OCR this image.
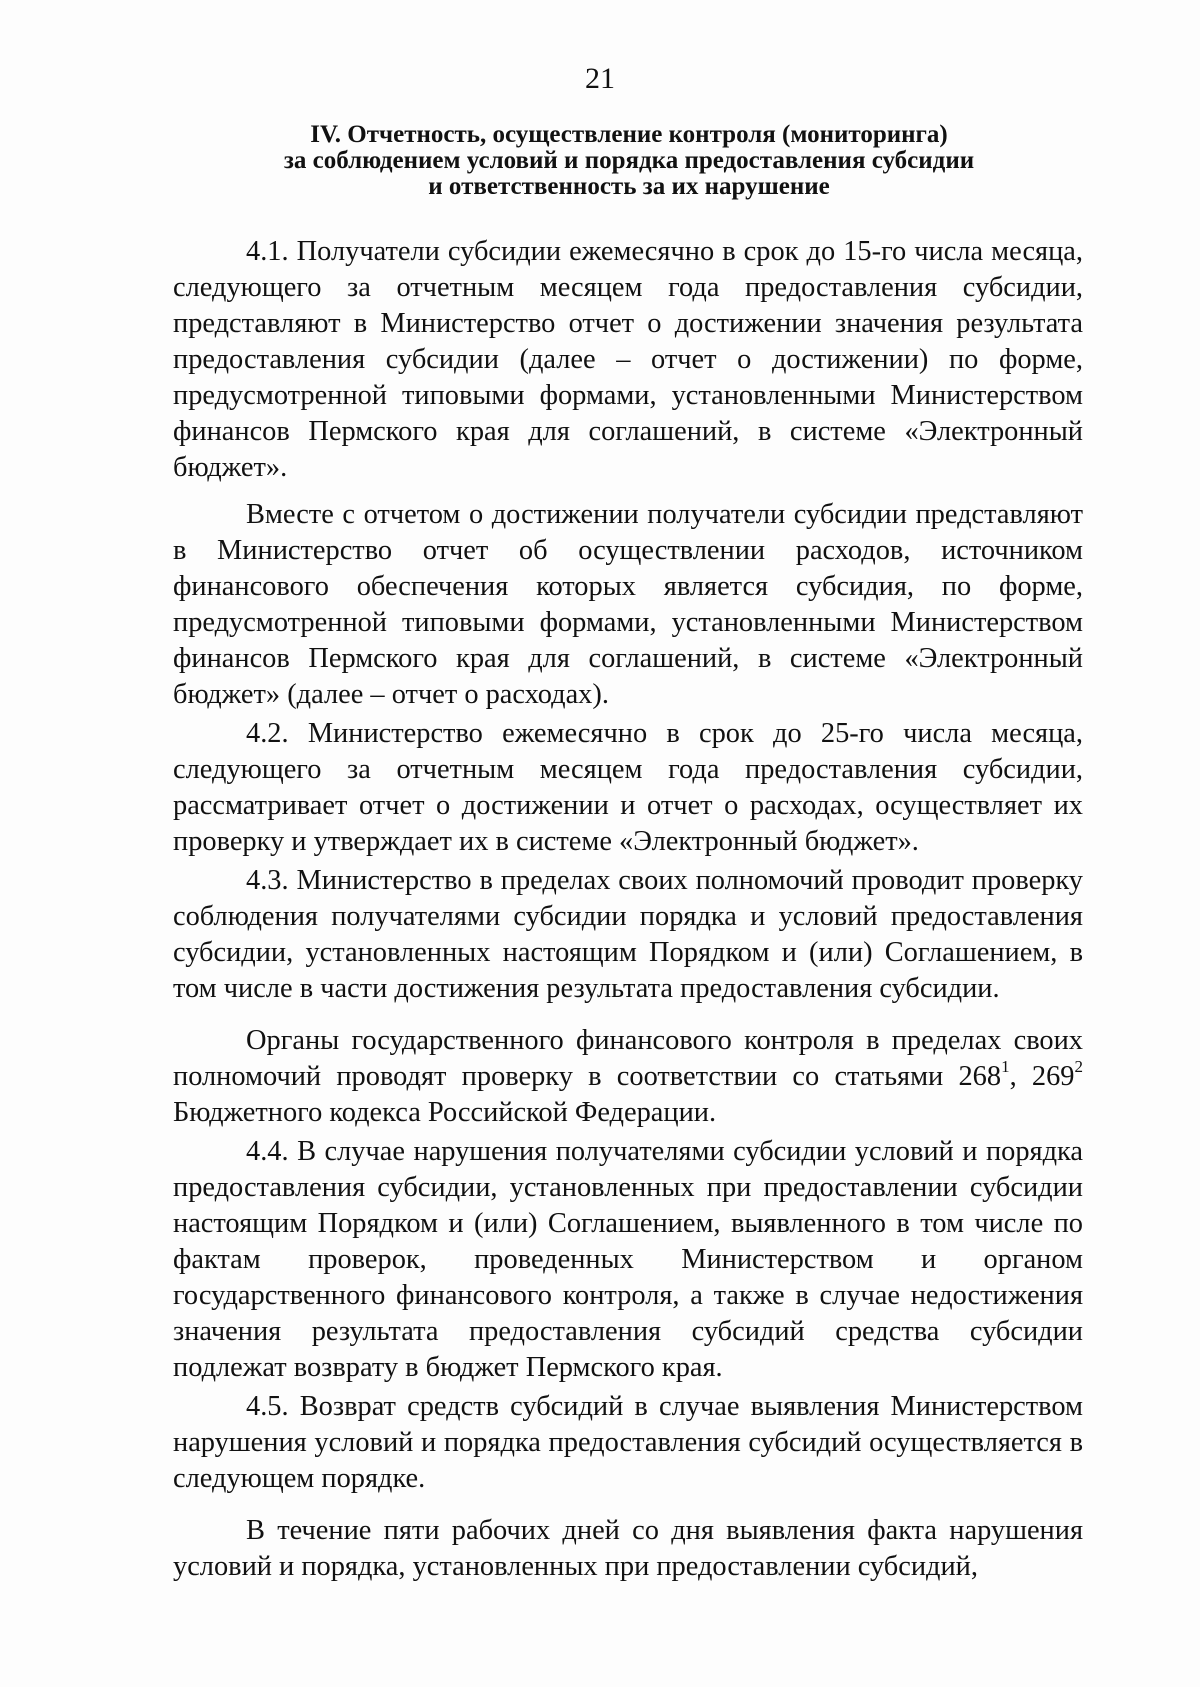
21
IV. Отчетность, осуществление контроля (мониторинга)
за соблюдением условий и порядка предоставления субсидии
и ответственность за их нарушение

4.1. Получатели субсидии ежемесячно в срок до 15-го числа месяца, следующего за отчетным месяцем года предоставления субсидии, представляют в Министерство отчет о достижении значения результата предоставления субсидии (далее – отчет о достижении) по форме, предусмотренной типовыми формами, установленными Министерством финансов Пермского края для соглашений, в системе «Электронный бюджет».

Вместе с отчетом о достижении получатели субсидии представляют в Министерство отчет об осуществлении расходов, источником финансового обеспечения которых является субсидия, по форме, предусмотренной типовыми формами, установленными Министерством финансов Пермского края для соглашений, в системе «Электронный бюджет» (далее – отчет о расходах).

4.2. Министерство ежемесячно в срок до 25-го числа месяца, следующего за отчетным месяцем года предоставления субсидии, рассматривает отчет о достижении и отчет о расходах, осуществляет их проверку и утверждает их в системе «Электронный бюджет».

4.3. Министерство в пределах своих полномочий проводит проверку соблюдения получателями субсидии порядка и условий предоставления субсидии, установленных настоящим Порядком и (или) Соглашением, в том числе в части достижения результата предоставления субсидии.

Органы государственного финансового контроля в пределах своих полномочий проводят проверку в соответствии со статьями $268^1$, $269^2$ Бюджетного кодекса Российской Федерации.

4.4. В случае нарушения получателями субсидии условий и порядка предоставления субсидии, установленных при предоставлении субсидии настоящим Порядком и (или) Соглашением, выявленного в том числе по фактам проверок, проведенных Министерством и органом государственного финансового контроля, а также в случае недостижения значения результата предоставления субсидий средства субсидии подлежат возврату в бюджет Пермского края.

4.5. Возврат средств субсидий в случае выявления Министерством нарушения условий и порядка предоставления субсидий осуществляется в следующем порядке.

В течение пяти рабочих дней со дня выявления факта нарушения условий и порядка, установленных при предоставлении субсидий,
